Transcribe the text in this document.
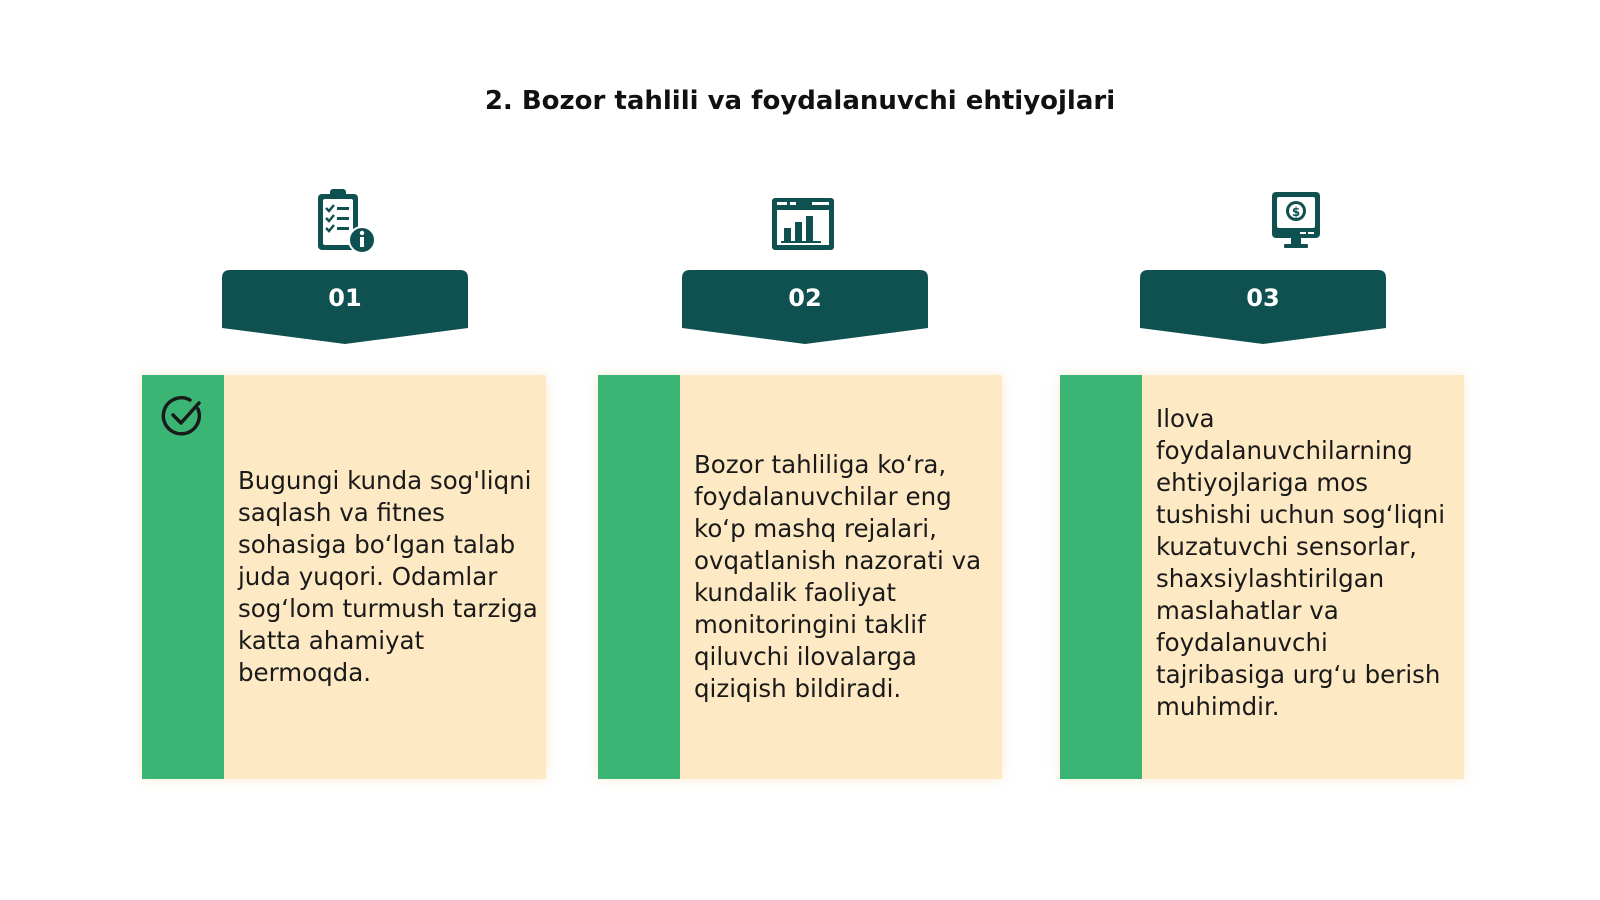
2. Bozor tahlili va foydalanuvchi ehtiyojlari
01
Bugungi kunda sog'liqni saqlash va fitnes sohasiga bo‘lgan talab juda yuqori. Odamlar sog‘lom turmush tarziga katta ahamiyat bermoqda.
02
Bozor tahliliga ko‘ra, foydalanuvchilar eng ko‘p mashq rejalari, ovqatlanish nazorati va kundalik faoliyat monitoringini taklif qiluvchi ilovalarga qiziqish bildiradi.
$
03
Ilova foydalanuvchilarning ehtiyojlariga mos tushishi uchun sog‘liqni kuzatuvchi sensorlar, shaxsiylashtirilgan maslahatlar va foydalanuvchi tajribasiga urg‘u berish muhimdir.
